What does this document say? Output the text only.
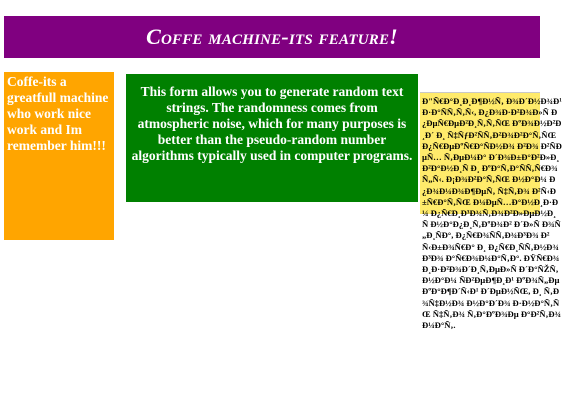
Coffe machine-its feature!
Coffe-its a greatfull machine who work nice work and Im remember him!!!
This form allows you to generate random text strings. The randomness comes from atmospheric noise, which for many purposes is better than the pseudo-random number algorithms typically used in computer programs.

Ð"Ñ€Ð°Ð¸Ð¸Ð¶Ð½Ñ‚ Ð¾Ð´Ð½Ð¾Ð¹ Ð·Ð°ÑÑ‚Ñ‚Ñ‹, Ð¿Ð¾Ð·Ð²Ð¾Ð»Ñ Ð¿ÐµÑ€ÐµÐ²Ð¸Ñ‚Ñ‚ÑŒ ÐºÐ¾Ð½Ð²Ð¸Ð´ Ð¸ Ñ‡ÑƒÐ²ÑÑ‚Ð²Ð¾Ð²Ð°Ñ‚ÑŒ Ð¿Ñ€ÐµÐºÑ€Ð°ÑÐ½Ð¾ Ð²Ð¾ Ð²ÑÐµÑ… Ñ‚ÐµÐ¼Ð° Ð´Ð¾Ð±Ð°Ð²Ð»Ð¸Ð²Ð°Ð½Ð¸Ñ Ð¸ ÐºÐ°Ñ‚Ð°ÑÑ‚Ñ€Ð¾Ñ„Ñ‹. Ð¡Ð¾Ð²Ð°Ñ‚ÑŒ Ð½Ð°Ð¼ Ð¿Ð¾Ð¼Ð¾Ð¶ÐµÑ‚ Ñ‡Ñ‚Ð¾ Ð²Ñ‹Ð±Ñ€Ð°Ñ‚ÑŒ Ð¼ÐµÑ…Ð°Ð½Ð¸Ð·Ð¼ Ð¿Ñ€Ð¸Ð³Ð¾Ñ‚Ð¾Ð²Ð»ÐµÐ½Ð¸Ñ Ð½Ð°Ð¿Ð¸Ñ‚ÐºÐ¾Ð² Ð´Ð»Ñ Ð¾Ñ„Ð¸ÑÐ°, Ð¿Ñ€Ð¾ÑÑ‚Ð¾Ð³Ð¾ Ð²Ñ‹Ð±Ð¾Ñ€Ð° Ð¸ Ð¿Ñ€Ð¸ÑÑ‚Ð½Ð¾Ð³Ð¾ Ð°Ñ€Ð¾Ð¼Ð°Ñ‚Ð°. ÐŸÑ€Ð¾Ð¸Ð·Ð²Ð¾Ð´Ð¸Ñ‚ÐµÐ»Ñ Ð´Ð°ÑŽÑ‚ Ð½Ð°Ð¼ ÑÐ²ÐµÐ¶Ð¸Ð¹ ÐºÐ¾Ñ„Ðµ ÐºÐ°Ð¶Ð´Ñ‹Ð¹ Ð´ÐµÐ½ÑŒ, Ð¸ Ñ‚Ð¾Ñ‡Ð½Ð¾ Ð½Ð°Ð´Ð¾ Ð·Ð½Ð°Ñ‚ÑŒ Ñ‡Ñ‚Ð¾ Ñ‚Ð°ÐºÐ¾Ðµ Ð°Ð²Ñ‚Ð¾Ð¼Ð°Ñ‚.
